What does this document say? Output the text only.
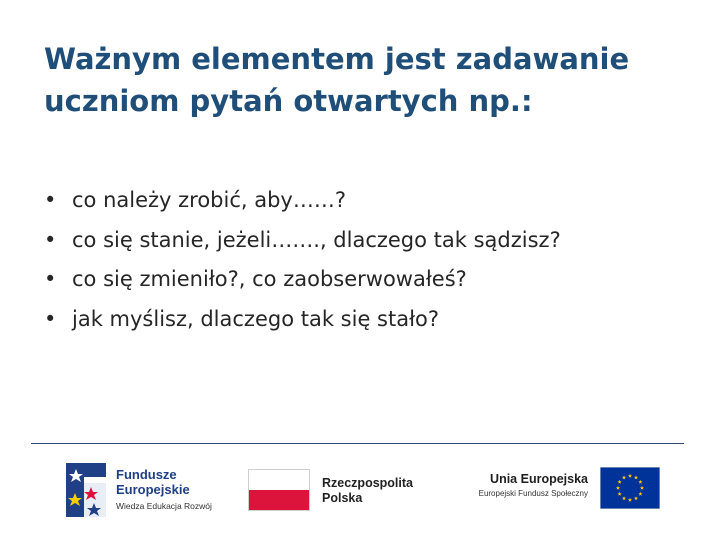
Ważnym elementem jest zadawanie
uczniom pytań otwartych np.:
• co należy zrobić, aby……?
• co się stanie, jeżeli……., dlaczego tak sądzisz?
• co się zmieniło?, co zaobserwowałeś?
• jak myślisz, dlaczego tak się stało?
Fundusze
Europejskie
Wiedza Edukacja Rozwój
Rzeczpospolita
Polska
Unia Europejska
Europejski Fundusz Społeczny
